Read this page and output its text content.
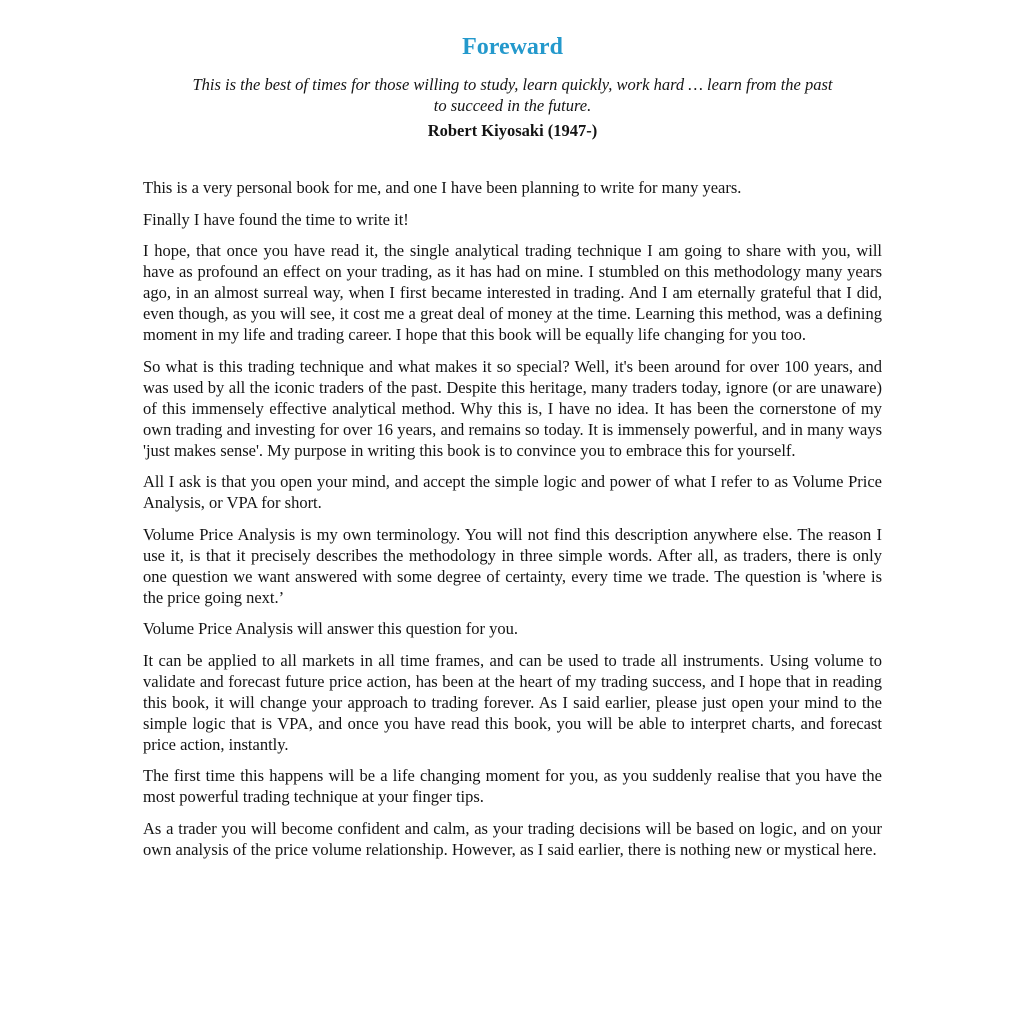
Foreward
This is the best of times for those willing to study, learn quickly, work hard … learn from the past
to succeed in the future.
Robert Kiyosaki (1947-)

This is a very personal book for me, and one I have been planning to write for many years.

Finally I have found the time to write it!

I hope, that once you have read it, the single analytical trading technique I am going to share with you, will have as profound an effect on your trading, as it has had on mine. I stumbled on this methodology many years ago, in an almost surreal way, when I first became interested in trading. And I am eternally grateful that I did, even though, as you will see, it cost me a great deal of money at the time. Learning this method, was a defining moment in my life and trading career. I hope that this book will be equally life changing for you too.

So what is this trading technique and what makes it so special? Well, it's been around for over 100 years, and was used by all the iconic traders of the past. Despite this heritage, many traders today, ignore (or are unaware) of this immensely effective analytical method. Why this is, I have no idea. It has been the cornerstone of my own trading and investing for over 16 years, and remains so today. It is immensely powerful, and in many ways 'just makes sense'. My purpose in writing this book is to convince you to embrace this for yourself.

All I ask is that you open your mind, and accept the simple logic and power of what I refer to as Volume Price Analysis, or VPA for short.

Volume Price Analysis is my own terminology. You will not find this description anywhere else. The reason I use it, is that it precisely describes the methodology in three simple words. After all, as traders, there is only one question we want answered with some degree of certainty, every time we trade. The question is 'where is the price going next.’

Volume Price Analysis will answer this question for you.

It can be applied to all markets in all time frames, and can be used to trade all instruments. Using volume to validate and forecast future price action, has been at the heart of my trading success, and I hope that in reading this book, it will change your approach to trading forever. As I said earlier, please just open your mind to the simple logic that is VPA, and once you have read this book, you will be able to interpret charts, and forecast price action, instantly.

The first time this happens will be a life changing moment for you, as you suddenly realise that you have the most powerful trading technique at your finger tips.

As a trader you will become confident and calm, as your trading decisions will be based on logic, and on your own analysis of the price volume relationship. However, as I said earlier, there is nothing new or mystical here.
